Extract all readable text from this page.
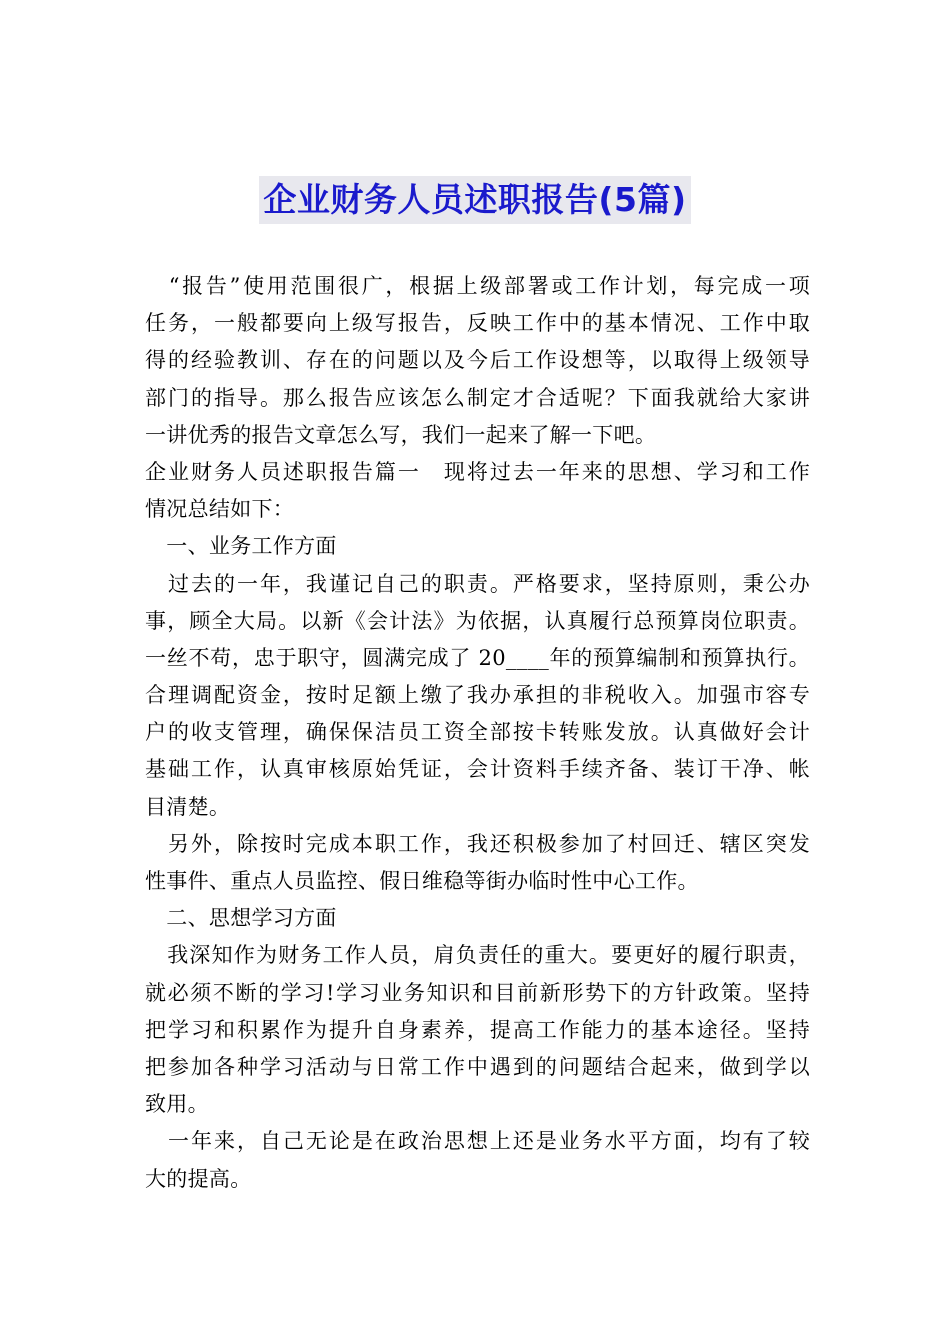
企业财务人员述职报告(5篇)
　“报告”使用范围很广，根据上级部署或工作计划，每完成一项
任务，一般都要向上级写报告，反映工作中的基本情况、工作中取
得的经验教训、存在的问题以及今后工作设想等，以取得上级领导
部门的指导。那么报告应该怎么制定才合适呢？下面我就给大家讲
一讲优秀的报告文章怎么写，我们一起来了解一下吧。
企业财务人员述职报告篇一　现将过去一年来的思想、学习和工作
情况总结如下：
　一、业务工作方面
　过去的一年，我谨记自己的职责。严格要求，坚持原则，秉公办
事，顾全大局。以新《会计法》为依据，认真履行总预算岗位职责。
一丝不苟，忠于职守，圆满完成了 20____年的预算编制和预算执行。
合理调配资金，按时足额上缴了我办承担的非税收入。加强市容专
户的收支管理，确保保洁员工资全部按卡转账发放。认真做好会计
基础工作，认真审核原始凭证，会计资料手续齐备、装订干净、帐
目清楚。
　另外，除按时完成本职工作，我还积极参加了村回迁、辖区突发
性事件、重点人员监控、假日维稳等街办临时性中心工作。
　二、思想学习方面
　我深知作为财务工作人员，肩负责任的重大。要更好的履行职责，
就必须不断的学习!学习业务知识和目前新形势下的方针政策。坚持
把学习和积累作为提升自身素养，提高工作能力的基本途径。坚持
把参加各种学习活动与日常工作中遇到的问题结合起来，做到学以
致用。
　一年来，自己无论是在政治思想上还是业务水平方面，均有了较
大的提高。
